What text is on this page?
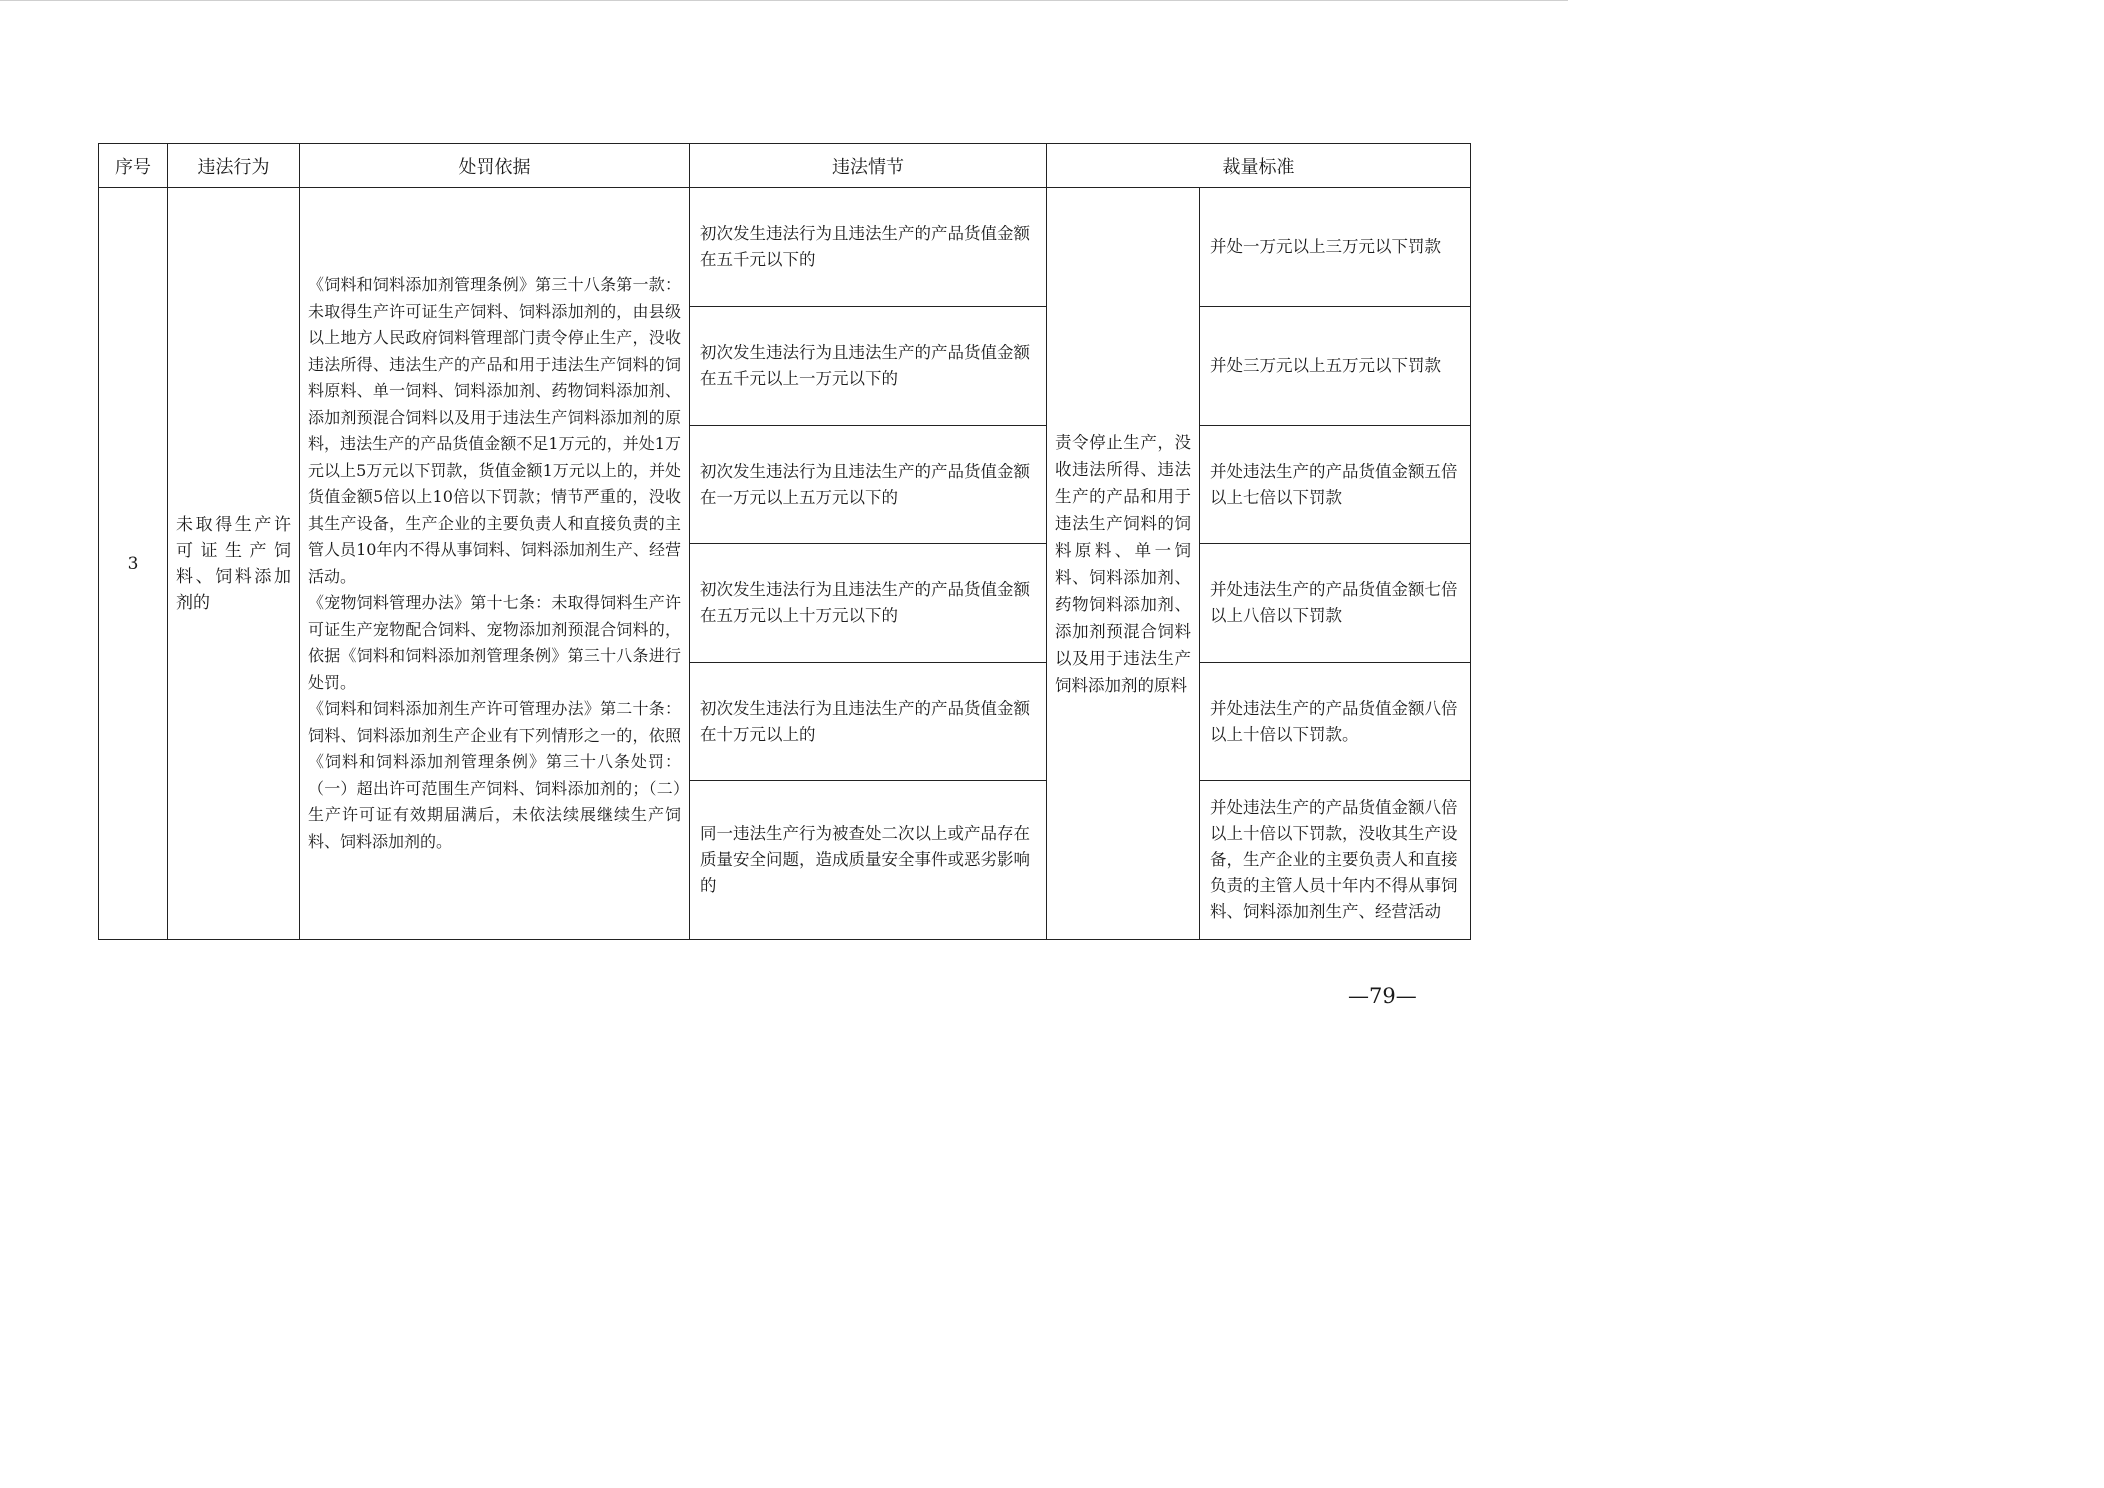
序号	违法行为	处罚依据	违法情节	裁量标准	
3	未取得生产许可证生产饲料、饲料添加剂的	《饲料和饲料添加剂管理条例》第三十八条第一款：未取得生产许可证生产饲料、饲料添加剂的，由县级以上地方人民政府饲料管理部门责令停止生产，没收违法所得、违法生产的产品和用于违法生产饲料的饲料原料、单一饲料、饲料添加剂、药物饲料添加剂、添加剂预混合饲料以及用于违法生产饲料添加剂的原料，违法生产的产品货值金额不足1万元的，并处1万元以上5万元以下罚款，货值金额1万元以上的，并处货值金额5倍以上10倍以下罚款；情节严重的，没收其生产设备，生产企业的主要负责人和直接负责的主管人员10年内不得从事饲料、饲料添加剂生产、经营活动。

《宠物饲料管理办法》第十七条：未取得饲料生产许可证生产宠物配合饲料、宠物添加剂预混合饲料的，依据《饲料和饲料添加剂管理条例》第三十八条进行处罚。

《饲料和饲料添加剂生产许可管理办法》第二十条：饲料、饲料添加剂生产企业有下列情形之一的，依照《饲料和饲料添加剂管理条例》第三十八条处罚：（一）超出许可范围生产饲料、饲料添加剂的；（二）生产许可证有效期届满后，未依法续展继续生产饲料、饲料添加剂的。	初次发生违法行为且违法生产的产品货值金额在五千元以下的	责令停止生产，没收违法所得、违法生产的产品和用于违法生产饲料的饲料原料、单一饲料、饲料添加剂、药物饲料添加剂、添加剂预混合饲料以及用于违法生产饲料添加剂的原料	并处一万元以上三万元以下罚款
			初次发生违法行为且违法生产的产品货值金额在五千元以上一万元以下的		并处三万元以上五万元以下罚款
			初次发生违法行为且违法生产的产品货值金额在一万元以上五万元以下的		并处违法生产的产品货值金额五倍以上七倍以下罚款
			初次发生违法行为且违法生产的产品货值金额在五万元以上十万元以下的		并处违法生产的产品货值金额七倍以上八倍以下罚款
			初次发生违法行为且违法生产的产品货值金额在十万元以上的		并处违法生产的产品货值金额八倍以上十倍以下罚款。
			同一违法生产行为被查处二次以上或产品存在质量安全问题，造成质量安全事件或恶劣影响的		并处违法生产的产品货值金额八倍以上十倍以下罚款，没收其生产设备，生产企业的主要负责人和直接负责的主管人员十年内不得从事饲料、饲料添加剂生产、经营活动
—79—
